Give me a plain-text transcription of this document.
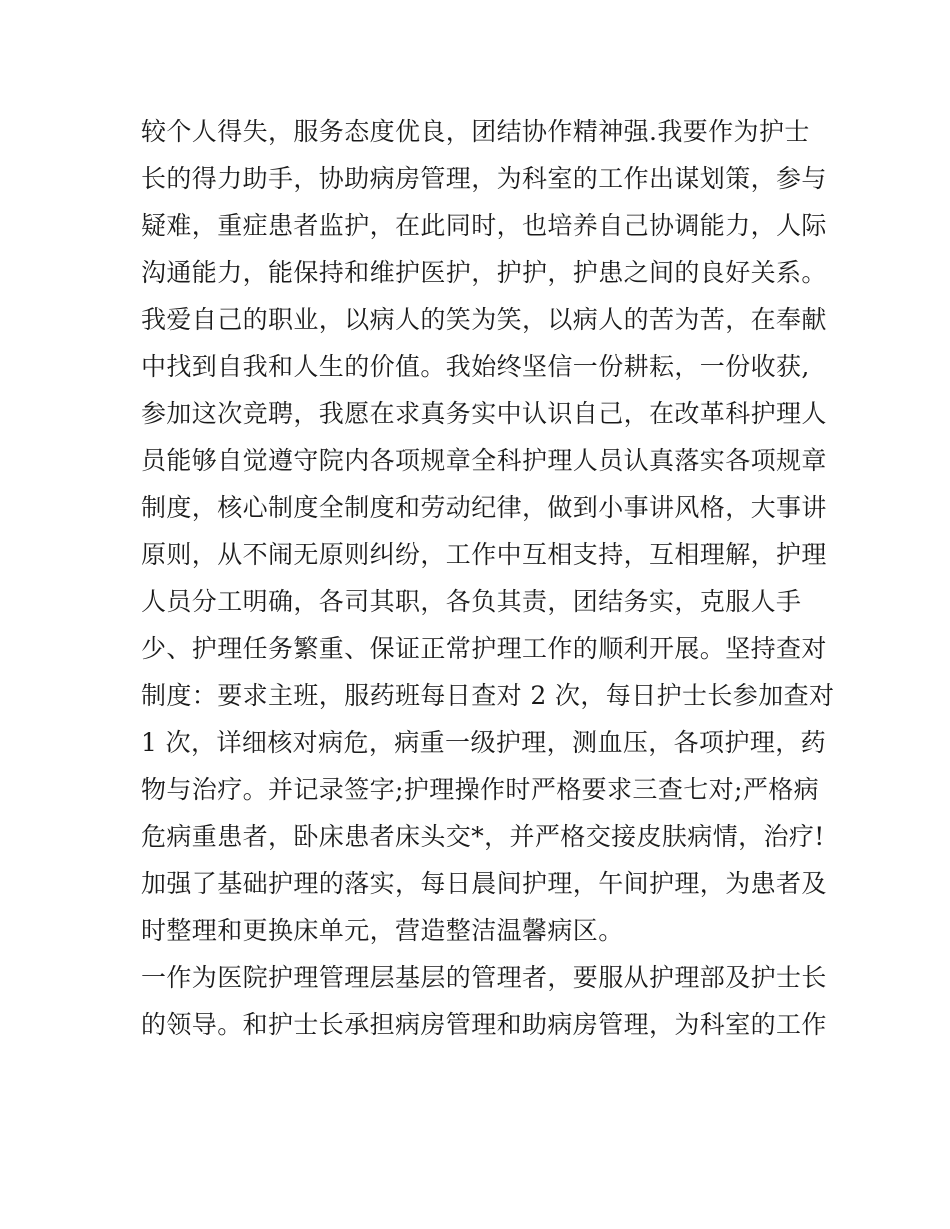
较个人得失，服务态度优良，团结协作精神强.我要作为护士
长的得力助手，协助病房管理，为科室的工作出谋划策，参与
疑难，重症患者监护，在此同时，也培养自己协调能力，人际
沟通能力，能保持和维护医护，护护，护患之间的良好关系。
我爱自己的职业，以病人的笑为笑，以病人的苦为苦，在奉献
中找到自我和人生的价值。我始终坚信一份耕耘，一份收获,
参加这次竞聘，我愿在求真务实中认识自己，在改革科护理人
员能够自觉遵守院内各项规章全科护理人员认真落实各项规章
制度，核心制度全制度和劳动纪律，做到小事讲风格，大事讲
原则，从不闹无原则纠纷，工作中互相支持，互相理解，护理
人员分工明确，各司其职，各负其责，团结务实，克服人手
少、护理任务繁重、保证正常护理工作的顺利开展。坚持查对
制度：要求主班，服药班每日查对 2 次，每日护士长参加查对
1 次，详细核对病危，病重一级护理，测血压，各项护理，药
物与治疗。并记录签字;护理操作时严格要求三查七对;严格病
危病重患者，卧床患者床头交*，并严格交接皮肤病情，治疗!
加强了基础护理的落实，每日晨间护理，午间护理，为患者及
时整理和更换床单元，营造整洁温馨病区。
一作为医院护理管理层基层的管理者，要服从护理部及护士长
的领导。和护士长承担病房管理和助病房管理，为科室的工作
